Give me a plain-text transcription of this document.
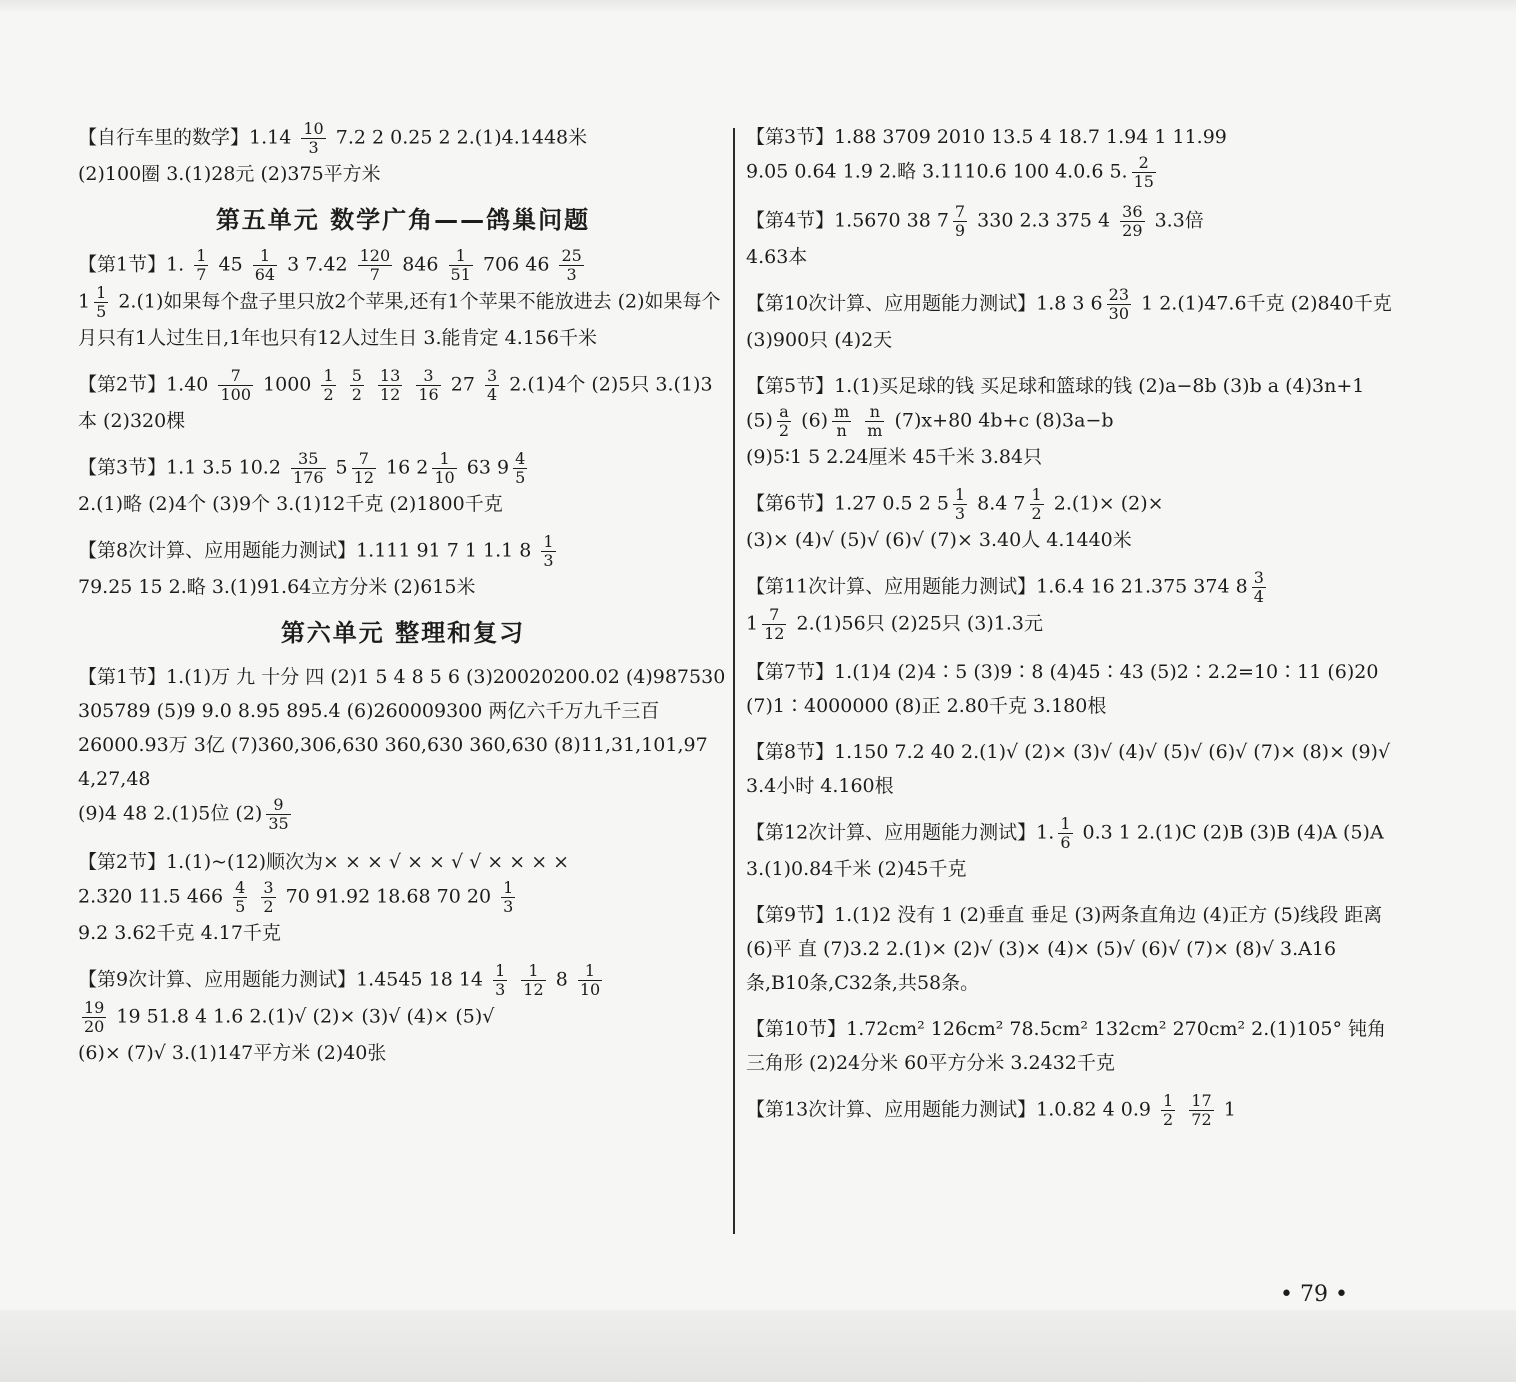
【自行车里的数学】$1.14 \frac{10}{3} 7.2$ 2 0.25 2 2.(1)4.1448米
(2)100圈 3.(1)28元 (2)375平方米

第五单元 数学广角——鸽巢问题

【第1节】1. $\frac{1}{7} 45 \frac{1}{64} 3$ $7.42 \frac{120}{7} 846 \frac{1}{51} 706$ $46 \frac{25}{3}$

$1 \frac{1}{5} 2.(1)$如果每个盘子里只放2个苹果,还有1个苹果不能放进去 (2)如果每个月只有1人过生日,1年也只有12人过生日 3.能肯定 4.156千米

【第2节】$1.40 \frac{7}{100} 1000 \frac{1}{2}$
$\frac{5}{2}$
$\frac{13}{12}$
$\frac{3}{16} 27 \frac{3}{4} 2.(1)4$个 (2)5只 3.(1)3本 (2)320棵

【第3节】1.1 3.5 $10.2 \frac{35}{176} 5 \frac{7}{12} 16$ $2 \frac{1}{10} 63$ $9 \frac{4}{5}$

2.(1)略 (2)4个 (3)9个 3.(1)12千克 (2)1800千克

【第8次计算、应用题能力测试】1.111 91 7 1 1.1 $8 \frac{1}{3}$

79.25 15 2.略 3.(1)91.64立方分米 (2)615米

第六单元 整理和复习

【第1节】1.(1)万 九 十分 四 (2)1 5 4 8 5 6 (3)20020200.02 (4)987530 305789 (5)9 9.0 8.95 895.4 (6)260009300 两亿六千万九千三百 26000.93万 3亿 (7)360,306,630 360,630 360,630 (8)11,31,101,97 4,27,48
(9)4 48 2.(1)5位 $(2) \frac{9}{35}$

【第2节】1.(1)~(12)顺次为× × × √ × × √ √ × × × ×
2.320 11.5 $466 \frac{4}{5}$
$\frac{3}{2} 70$ 91.92 18.68 70 $20 \frac{1}{3}$

9.2 3.62千克 4.17千克

【第9次计算、应用题能力测试】1.4545 18 $14 \frac{1}{3}$
$\frac{1}{12} 8 \frac{1}{10}$

$\frac{19}{20} 19$ 51.8 4 1.6 2.(1)√ (2)× (3)√ (4)× (5)√
(6)× (7)√ 3.(1)147平方米 (2)40张

【第3节】1.88 3709 2010 13.5 4 18.7 1.94 1 11.99
9.05 0.64 1.9 2.略 3.1110.6 100 4.0.6 5. $\frac{2}{15}$

【第4节】1.5670 38 $7 \frac{7}{9} 330$ 2.3 375 $4 \frac{36}{29} 3.3$倍
4.63本

【第10次计算、应用题能力测试】1.8 3 $6 \frac{23}{30} 1$ 2.(1)47.6千克 (2)840千克 (3)900只 (4)2天

【第5节】1.(1)买足球的钱 买足球和篮球的钱 (2)a−8b (3)b a (4)3n+1 $(5) \frac{a}{2} (6) \frac{m}{n}$
$\frac{n}{m} (7)x+80$ 4b+c (8)3a−b
(9)5∶1 5 2.24厘米 45千米 3.84只

【第6节】1.27 0.5 2 $5 \frac{1}{3} 8.4$ $7 \frac{1}{2} 2.(1)\times (2)\times$
(3)× (4)√ (5)√ (6)√ (7)× 3.40人 4.1440米

【第11次计算、应用题能力测试】1.6.4 16 21.375 374 $8 \frac{3}{4}$

$1 \frac{7}{12} 2.(1)56$只 (2)25只 (3)1.3元

【第7节】1.(1)4 (2)4∶5 (3)9∶8 (4)45∶43 (5)2∶2.2=10∶11 (6)20 (7)1∶4000000 (8)正 2.80千克 3.180根

【第8节】1.150 7.2 40 2.(1)√ (2)× (3)√ (4)√ (5)√ (6)√ (7)× (8)× (9)√ 3.4小时 4.160根

【第12次计算、应用题能力测试】1. $\frac{1}{6} 0.3$ 1 2.(1)C (2)B (3)B (4)A (5)A 3.(1)0.84千米 (2)45千克

【第9节】1.(1)2 没有 1 (2)垂直 垂足 (3)两条直角边 (4)正方 (5)线段 距离 (6)平 直 (7)3.2 2.(1)× (2)√ (3)× (4)× (5)√ (6)√ (7)× (8)√ 3.A16条,B10条,C32条,共58条。

【第10节】1.72cm² 126cm² 78.5cm² 132cm² 270cm² 2.(1)105° 钝角三角形 (2)24分米 60平方分米 3.2432千克

【第13次计算、应用题能力测试】1.0.82 4 $0.9 \frac{1}{2}$
$\frac{17}{72} 1$

• 79 •
